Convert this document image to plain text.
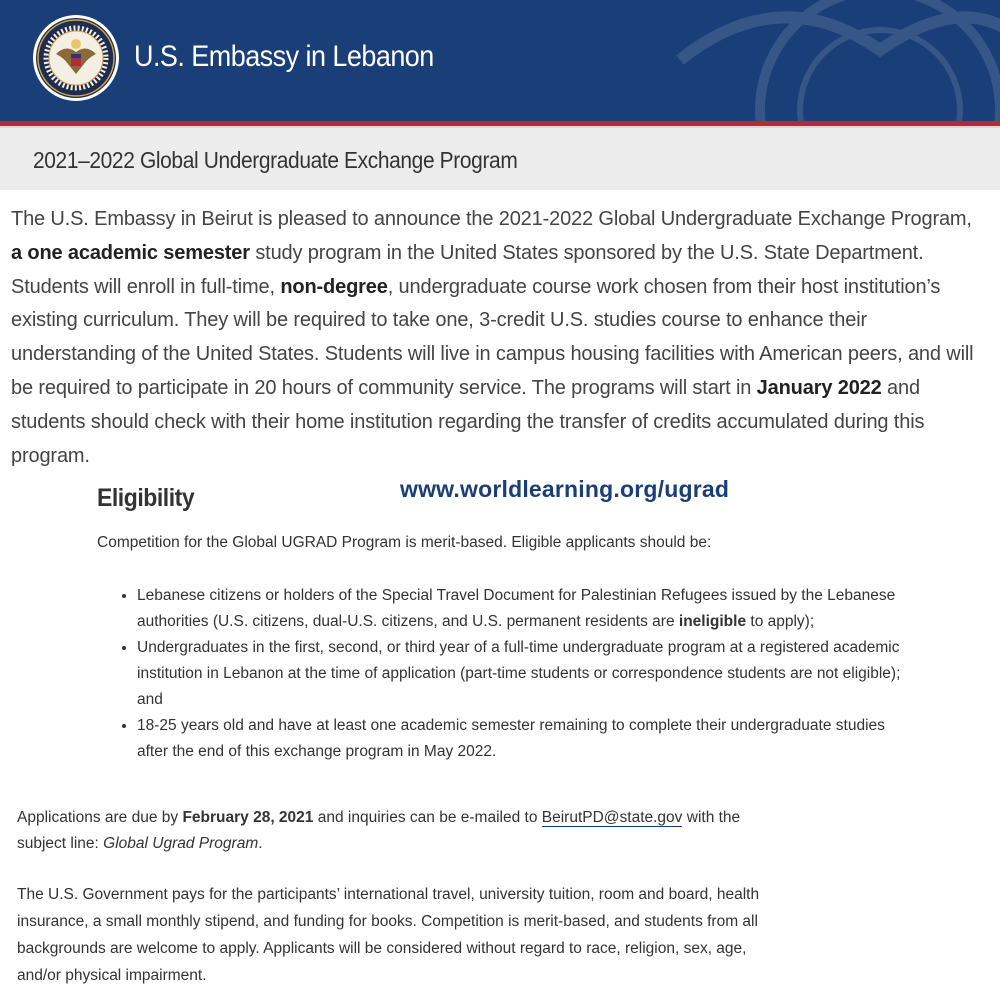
U.S. Embassy in Lebanon
2021–2022 Global Undergraduate Exchange Program
The U.S. Embassy in Beirut is pleased to announce the 2021-2022 Global Undergraduate Exchange Program, a one academic semester study program in the United States sponsored by the U.S. State Department. Students will enroll in full-time, non-degree, undergraduate course work chosen from their host institution’s existing curriculum. They will be required to take one, 3-credit U.S. studies course to enhance their understanding of the United States. Students will live in campus housing facilities with American peers, and will be required to participate in 20 hours of community service. The programs will start in January 2022 and students should check with their home institution regarding the transfer of credits accumulated during this program.
Eligibility	www.worldlearning.org/ugrad
Competition for the Global UGRAD Program is merit-based. Eligible applicants should be:
• Lebanese citizens or holders of the Special Travel Document for Palestinian Refugees issued by the Lebanese authorities (U.S. citizens, dual-U.S. citizens, and U.S. permanent residents are ineligible to apply);
• Undergraduates in the first, second, or third year of a full-time undergraduate program at a registered academic institution in Lebanon at the time of application (part-time students or correspondence students are not eligible); and
• 18-25 years old and have at least one academic semester remaining to complete their undergraduate studies after the end of this exchange program in May 2022.

Applications are due by February 28, 2021 and inquiries can be e-mailed to BeirutPD@state.gov with the subject line: Global Ugrad Program.

The U.S. Government pays for the participants’ international travel, university tuition, room and board, health insurance, a small monthly stipend, and funding for books. Competition is merit-based, and students from all backgrounds are welcome to apply. Applicants will be considered without regard to race, religion, sex, age, and/or physical impairment.
